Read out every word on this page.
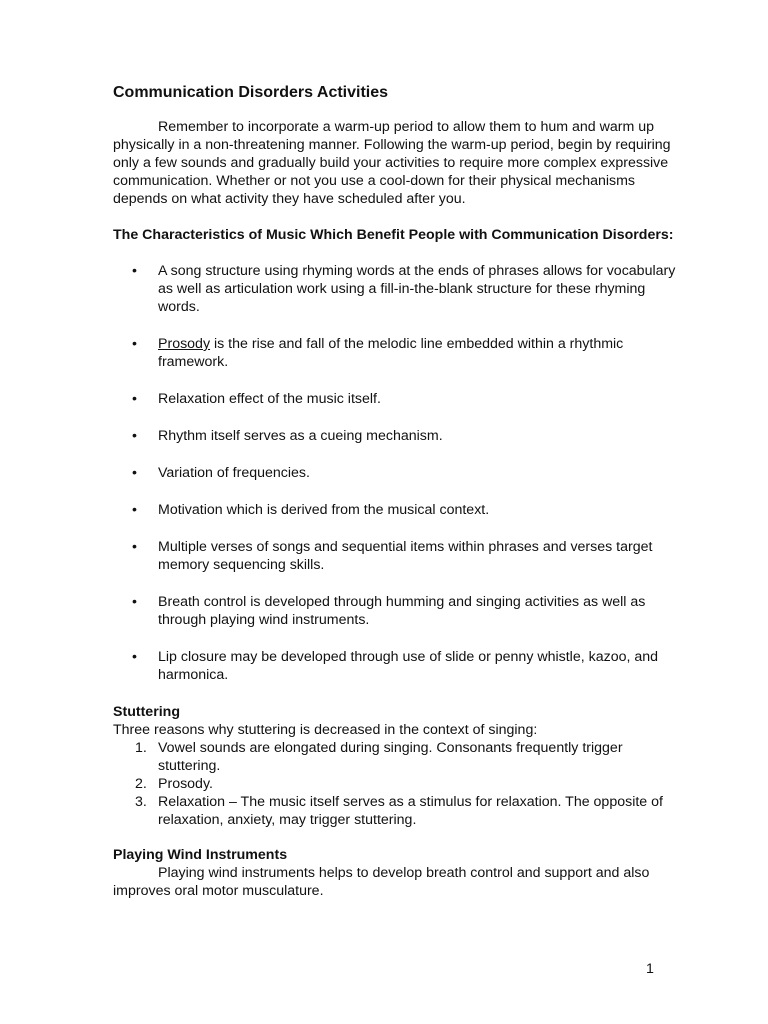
Communication Disorders Activities

Remember to incorporate a warm-up period to allow them to hum and warm up physically in a non-threatening manner. Following the warm-up period, begin by requiring only a few sounds and gradually build your activities to require more complex expressive communication. Whether or not you use a cool-down for their physical mechanisms depends on what activity they have scheduled after you.

The Characteristics of Music Which Benefit People with Communication Disorders:

• A song structure using rhyming words at the ends of phrases allows for vocabulary as well as articulation work using a fill-in-the-blank structure for these rhyming words.
• Prosody is the rise and fall of the melodic line embedded within a rhythmic framework.
• Relaxation effect of the music itself.
• Rhythm itself serves as a cueing mechanism.
• Variation of frequencies.
• Motivation which is derived from the musical context.
• Multiple verses of songs and sequential items within phrases and verses target memory sequencing skills.
• Breath control is developed through humming and singing activities as well as through playing wind instruments.
• Lip closure may be developed through use of slide or penny whistle, kazoo, and harmonica.

Stuttering

Three reasons why stuttering is decreased in the context of singing:

1. Vowel sounds are elongated during singing. Consonants frequently trigger stuttering.
2. Prosody.
3. Relaxation – The music itself serves as a stimulus for relaxation. The opposite of relaxation, anxiety, may trigger stuttering.

Playing Wind Instruments

Playing wind instruments helps to develop breath control and support and also improves oral motor musculature.

1
